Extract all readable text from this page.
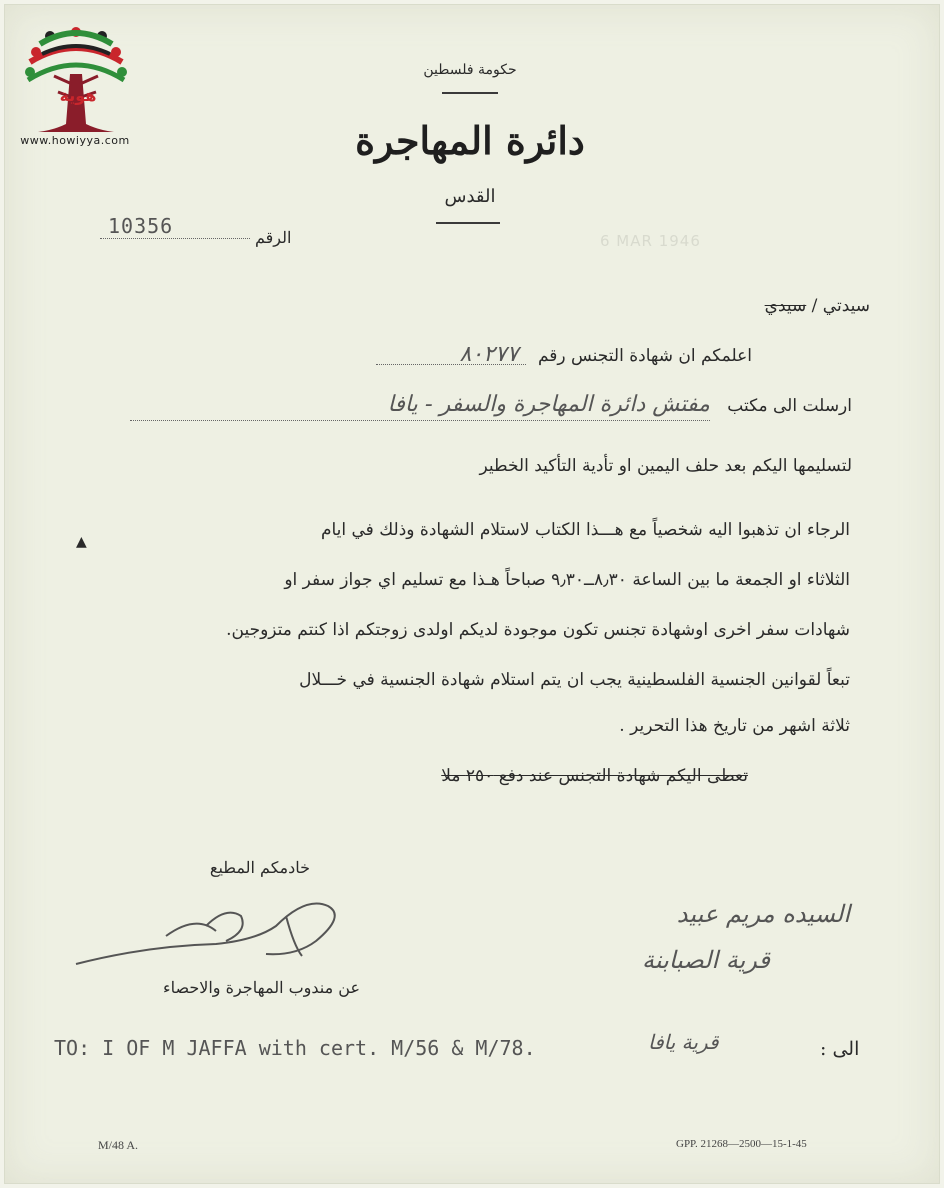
هوية
www.howiyya.com
حكومة فلسطين
دائرة المهاجرة
القدس
10356	الرقم	6 MAR 1946
سيدتي / سيدي
اعلمكم ان شهادة التجنس رقم ٨٠٢٧٧
ارسلت الى مكتب مفتش دائرة المهاجرة والسفر - يافا
لتسليمها اليكم بعد حلف اليمين او تأدية التأكيد الخطير
▲
الرجاء ان تذهبوا اليه شخصياً مع هـــذا الكتاب لاستلام الشهادة وذلك في ايام
الثلاثاء او الجمعة ما بين الساعة ٨٫٣٠ــ٩٫٣٠ صباحاً هـذا مع تسليم اي جواز سفر او
شهادات سفر اخرى اوشهادة تجنس تكون موجودة لديكم اولدى زوجتكم اذا كنتم متزوجين.
تبعاً لقوانين الجنسية الفلسطينية يجب ان يتم استلام شهادة الجنسية في خـــلال
ثلاثة اشهر من تاريخ هذا التحرير .
تعطى اليكم شهادة التجنس عند دفع ٢٥٠ ملا
خادمكم المطيع
عن مندوب المهاجرة والاحصاء
السيده مريم عبيد
قرية الصبابنة
TO: I OF M JAFFA with cert. M/56 & M/78.	قرية يافا	الى :
M/48 A.	GPP. 21268—2500—15-1-45
